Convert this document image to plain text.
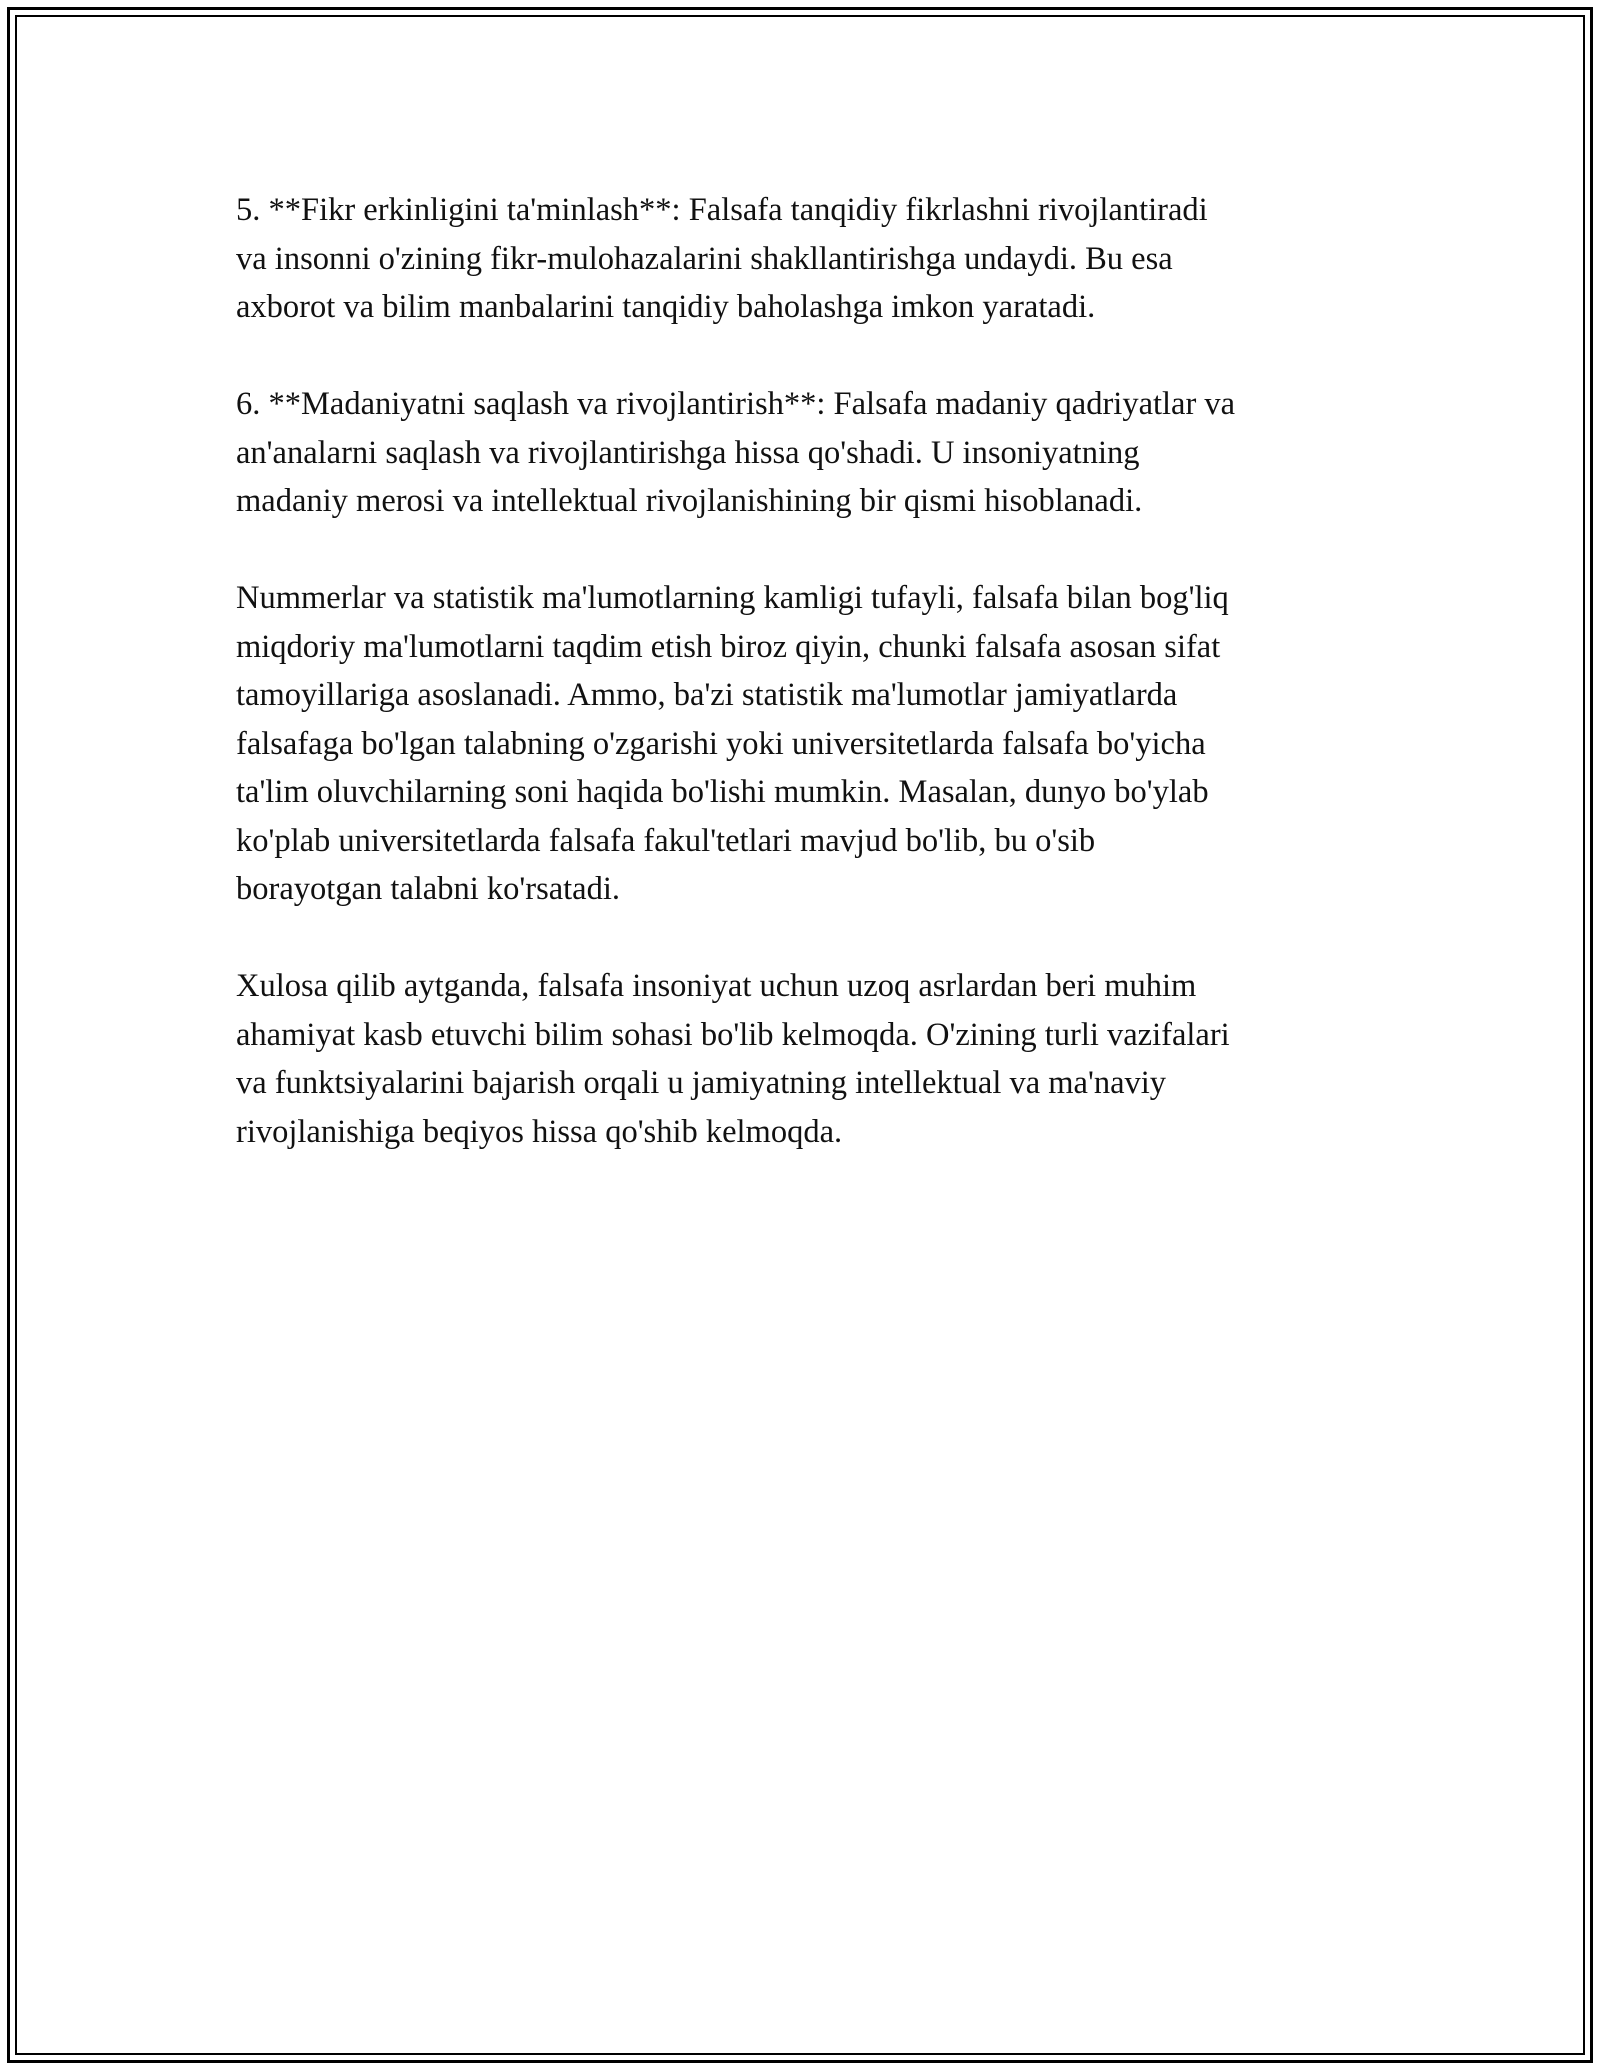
5. **Fikr erkinligini ta'minlash**: Falsafa tanqidiy fikrlashni rivojlantiradi
va insonni o'zining fikr-mulohazalarini shakllantirishga undaydi. Bu esa
axborot va bilim manbalarini tanqidiy baholashga imkon yaratadi.

6. **Madaniyatni saqlash va rivojlantirish**: Falsafa madaniy qadriyatlar va
an'analarni saqlash va rivojlantirishga hissa qo'shadi. U insoniyatning
madaniy merosi va intellektual rivojlanishining bir qismi hisoblanadi.

Nummerlar va statistik ma'lumotlarning kamligi tufayli, falsafa bilan bog'liq
miqdoriy ma'lumotlarni taqdim etish biroz qiyin, chunki falsafa asosan sifat
tamoyillariga asoslanadi. Ammo, ba'zi statistik ma'lumotlar jamiyatlarda
falsafaga bo'lgan talabning o'zgarishi yoki universitetlarda falsafa bo'yicha
ta'lim oluvchilarning soni haqida bo'lishi mumkin. Masalan, dunyo bo'ylab
ko'plab universitetlarda falsafa fakul'tetlari mavjud bo'lib, bu o'sib
borayotgan talabni ko'rsatadi.

Xulosa qilib aytganda, falsafa insoniyat uchun uzoq asrlardan beri muhim
ahamiyat kasb etuvchi bilim sohasi bo'lib kelmoqda. O'zining turli vazifalari
va funktsiyalarini bajarish orqali u jamiyatning intellektual va ma'naviy
rivojlanishiga beqiyos hissa qo'shib kelmoqda.
